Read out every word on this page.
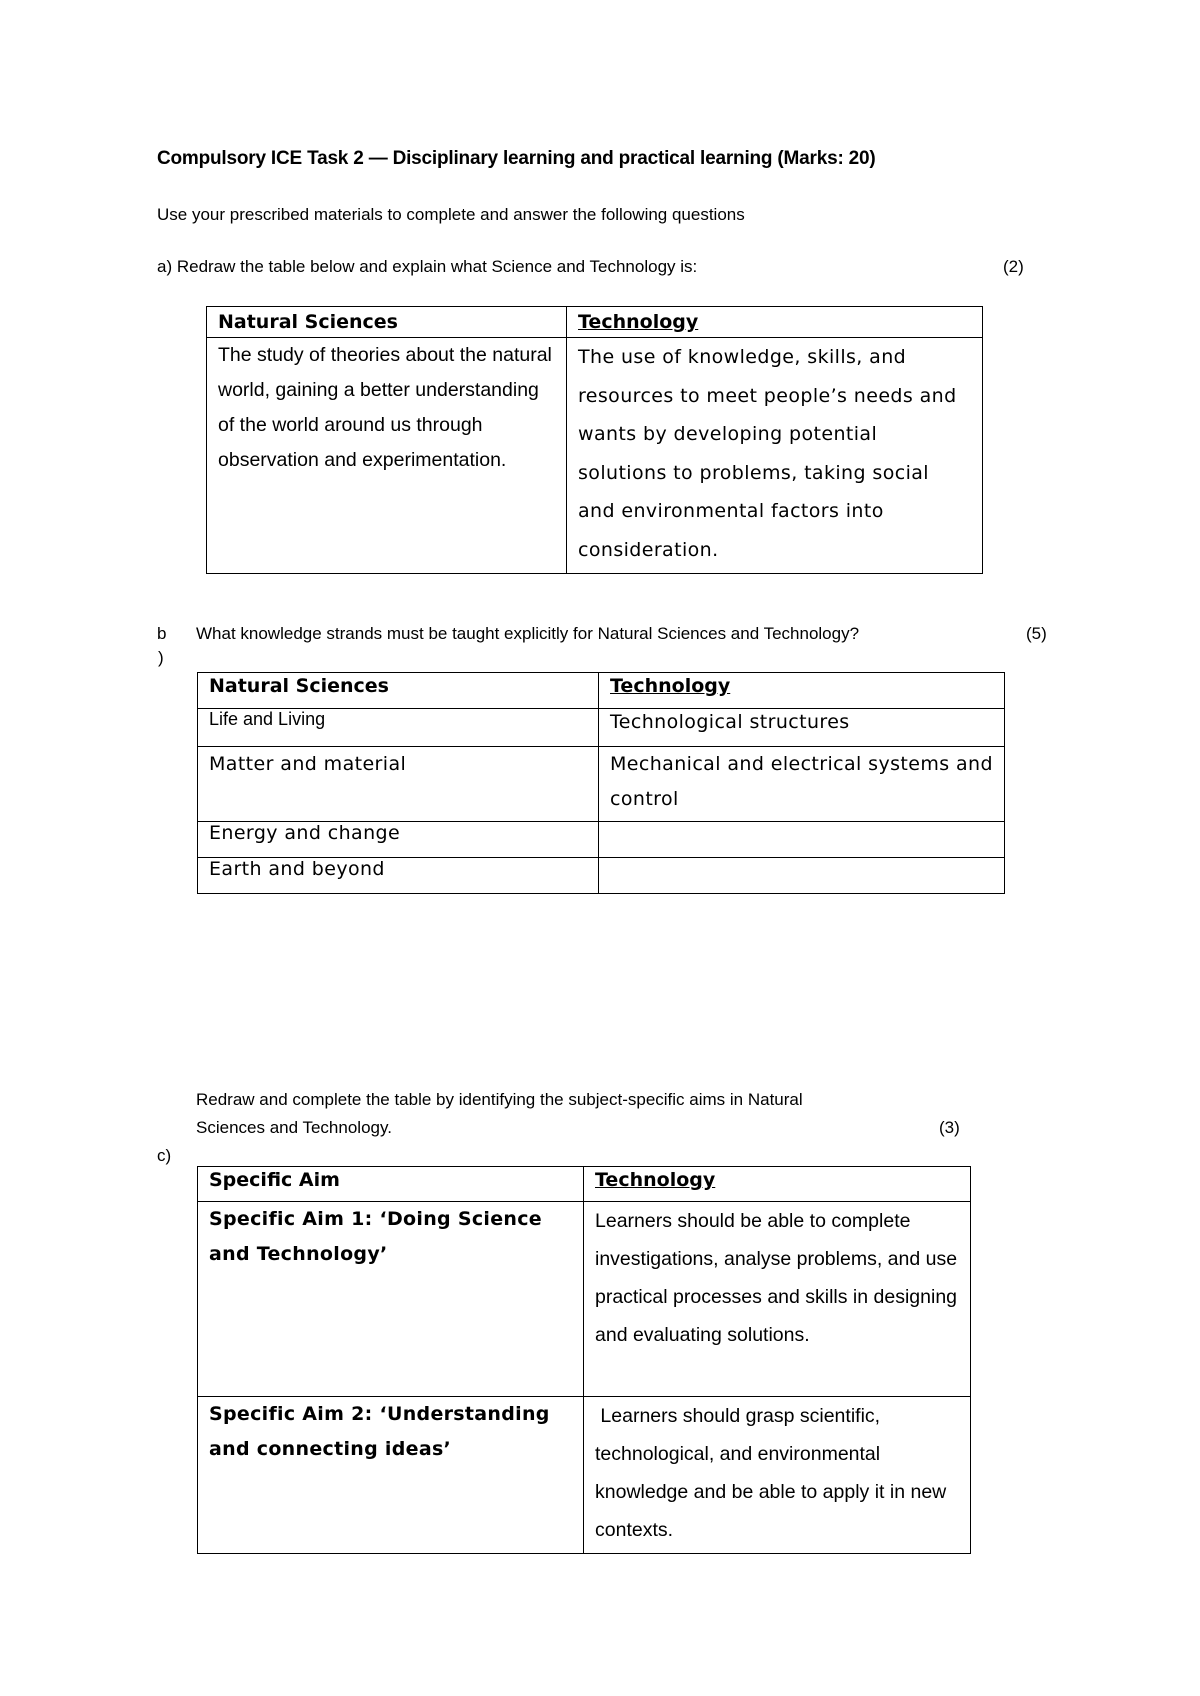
Compulsory ICE Task 2 — Disciplinary learning and practical learning (Marks: 20)
Use your prescribed materials to complete and answer the following questions
a) Redraw the table below and explain what Science and Technology is:	(2)
Natural Sciences	Technology
The study of theories about the natural world, gaining a better understanding of the world around us through observation and experimentation.	The use of knowledge, skills, and resources to meet people’s needs and wants by developing potential solutions to problems, taking social and environmental factors into consideration.
b
)
What knowledge strands must be taught explicitly for Natural Sciences and Technology?	(5)
Natural Sciences	Technology
Life and Living	Technological structures
Matter and material	Mechanical and electrical systems and control
Energy and change	
Earth and beyond	
Redraw and complete the table by identifying the subject-specific aims in Natural
Sciences and Technology.	(3)
c)
Specific Aim	Technology
Specific Aim 1: ‘Doing Science and Technology’	Learners should be able to complete investigations, analyse problems, and use practical processes and skills in designing and evaluating solutions.
Specific Aim 2: ‘Understanding and connecting ideas’	Learners should grasp scientific, technological, and environmental knowledge and be able to apply it in new contexts.
